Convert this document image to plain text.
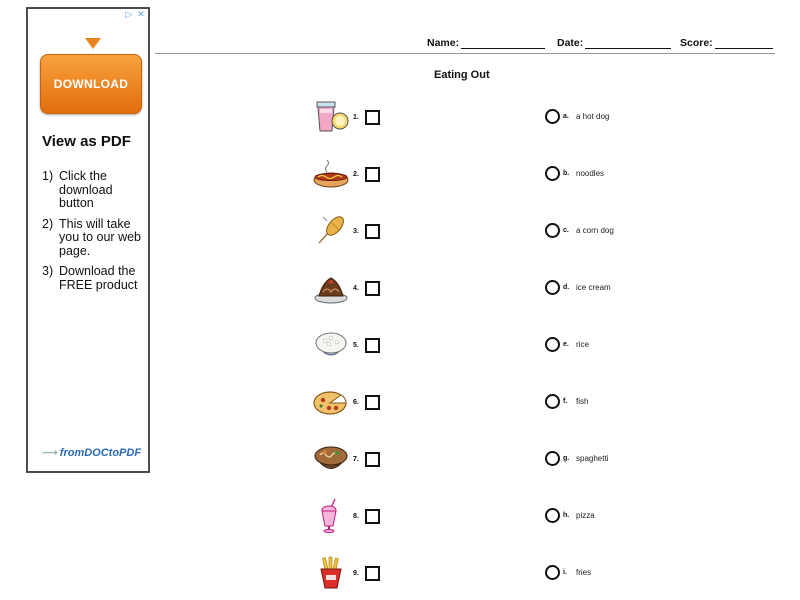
▷ ✕
DOWNLOAD
View as PDF
1) Click the download button
2) This will take you to our web page.
3) Download the FREE product
⟿ fromDOCtoPDF
Name:	Date:	Score:
Eating Out
1.
2.
3.
4.
5.
6.
7.
8.
9.
a. a hot dog
b. noodles
c. a corn dog
d. ice cream
e. rice
f.	fish
g. spaghetti
h. pizza
i.	fries
